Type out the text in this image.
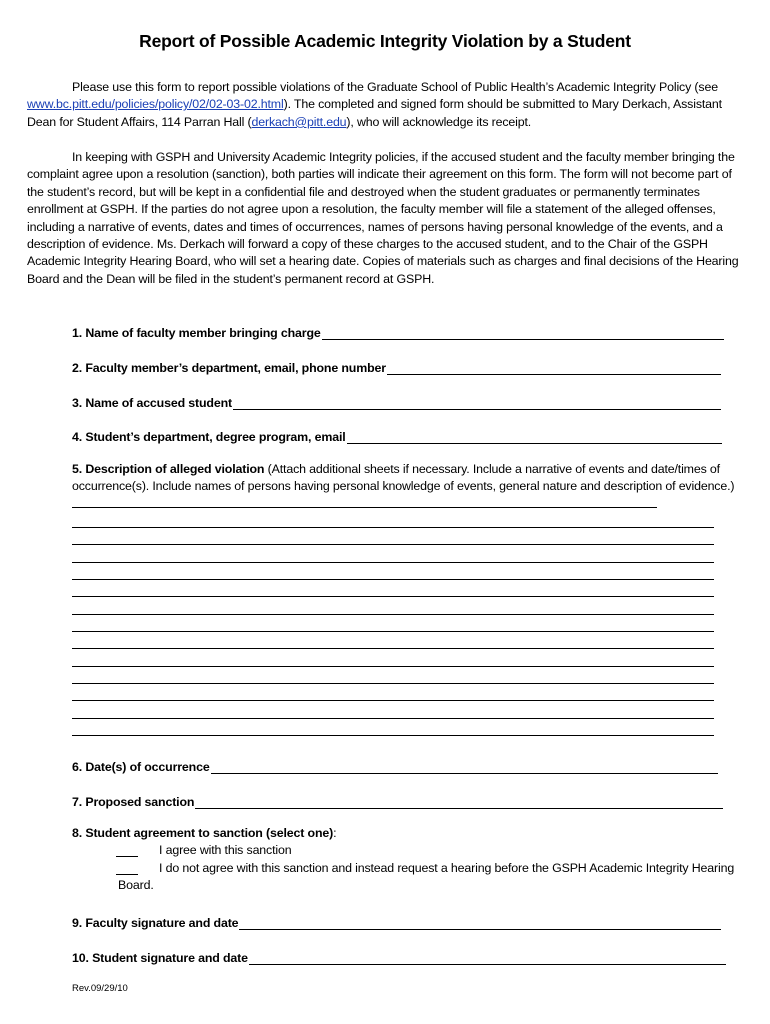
Report of Possible Academic Integrity Violation by a Student
Please use this form to report possible violations of the Graduate School of Public Health’s Academic Integrity Policy (see www.bc.pitt.edu/policies/policy/02/02-03-02.html). The completed and signed form should be submitted to Mary Derkach, Assistant Dean for Student Affairs, 114 Parran Hall (derkach@pitt.edu), who will acknowledge its receipt.
In keeping with GSPH and University Academic Integrity policies, if the accused student and the faculty member bringing the complaint agree upon a resolution (sanction), both parties will indicate their agreement on this form. The form will not become part of the student’s record, but will be kept in a confidential file and destroyed when the student graduates or permanently terminates enrollment at GSPH. If the parties do not agree upon a resolution, the faculty member will file a statement of the alleged offenses, including a narrative of events, dates and times of occurrences, names of persons having personal knowledge of the events, and a description of evidence. Ms. Derkach will forward a copy of these charges to the accused student, and to the Chair of the GSPH Academic Integrity Hearing Board, who will set a hearing date. Copies of materials such as charges and final decisions of the Hearing Board and the Dean will be filed in the student’s permanent record at GSPH.
1. Name of faculty member bringing charge
2. Faculty member’s department, email, phone number
3. Name of accused student
4. Student’s department, degree program, email
5. Description of alleged violation (Attach additional sheets if necessary. Include a narrative of events and date/times of occurrence(s). Include names of persons having personal knowledge of events, general nature and description of evidence.)
6. Date(s) of occurrence
7. Proposed sanction
8. Student agreement to sanction (select one):
I agree with this sanction
I do not agree with this sanction and instead request a hearing before the GSPH Academic Integrity Hearing Board.
9. Faculty signature and date
10. Student signature and date
Rev.09/29/10
